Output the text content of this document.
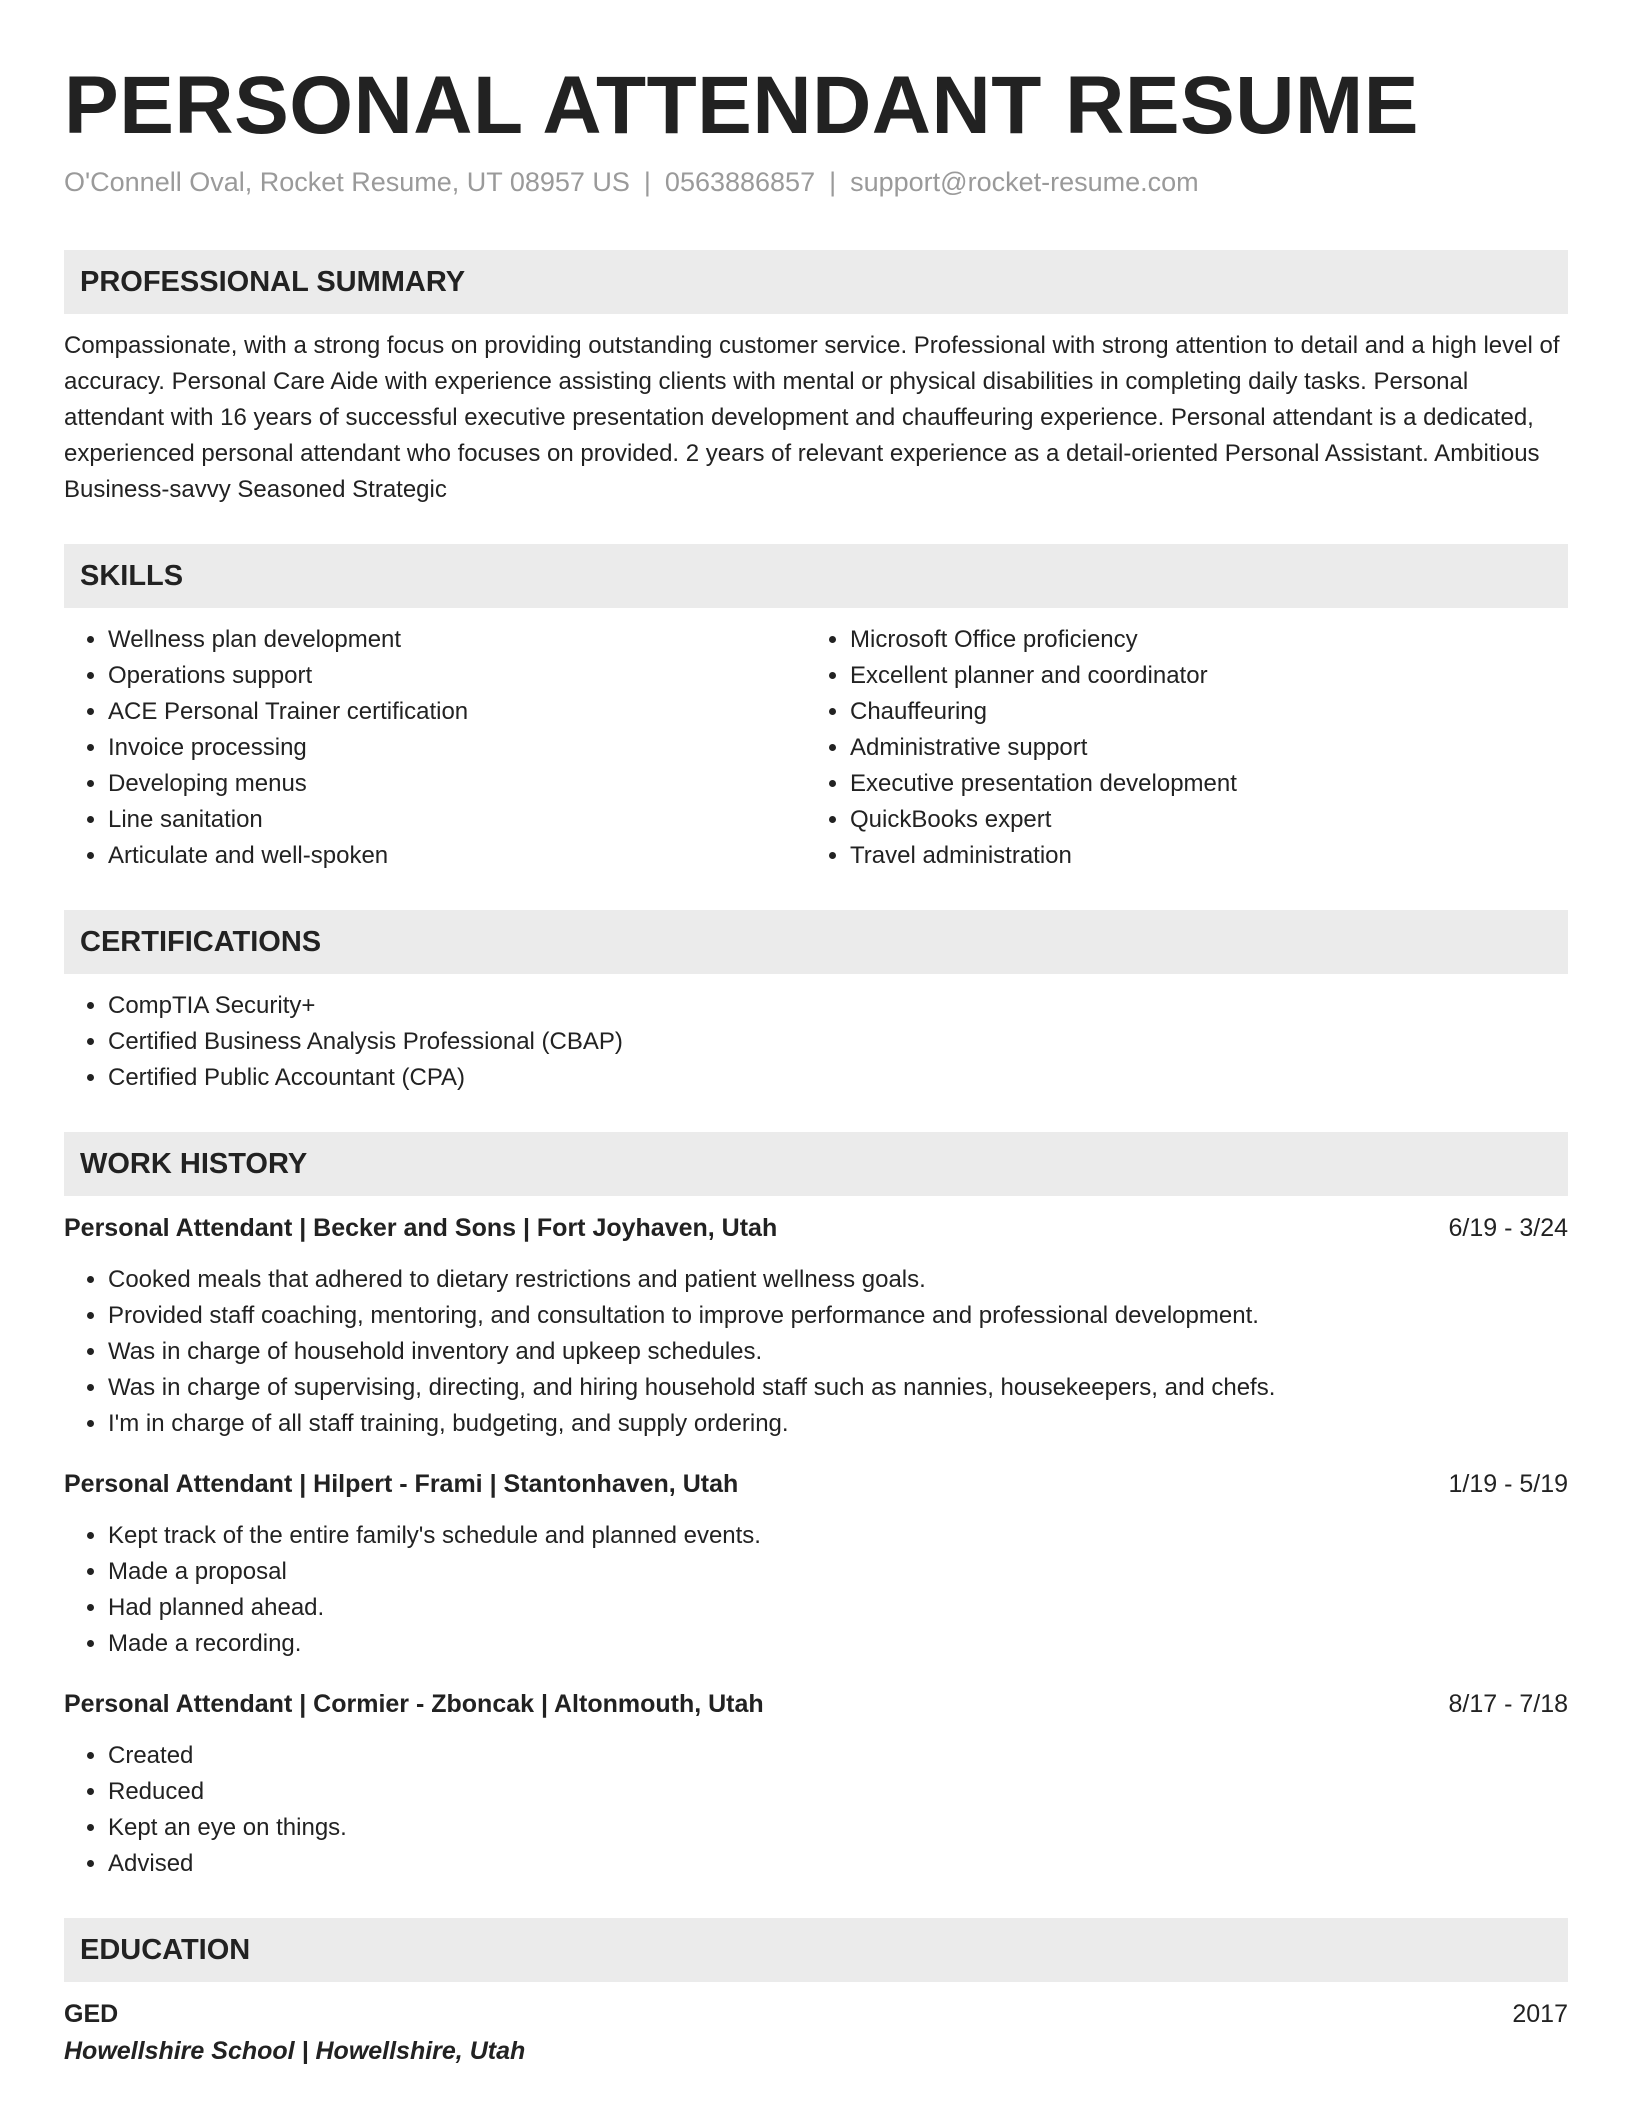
PERSONAL ATTENDANT RESUME
O'Connell Oval, Rocket Resume, UT 08957 US | 0563886857 | support@rocket-resume.com
PROFESSIONAL SUMMARY

Compassionate, with a strong focus on providing outstanding customer service. Professional with strong attention to detail and a high level of accuracy. Personal Care Aide with experience assisting clients with mental or physical disabilities in completing daily tasks. Personal attendant with 16 years of successful executive presentation development and chauffeuring experience. Personal attendant is a dedicated, experienced personal attendant who focuses on provided. 2 years of relevant experience as a detail-oriented Personal Assistant. Ambitious Business-savvy Seasoned Strategic

SKILLS
• Wellness plan development
• Operations support
• ACE Personal Trainer certification
• Invoice processing
• Developing menus
• Line sanitation
• Articulate and well-spoken
• Microsoft Office proficiency
• Excellent planner and coordinator
• Chauffeuring
• Administrative support
• Executive presentation development
• QuickBooks expert
• Travel administration
CERTIFICATIONS
• CompTIA Security+
• Certified Business Analysis Professional (CBAP)
• Certified Public Accountant (CPA)
WORK HISTORY
Personal Attendant | Becker and Sons | Fort Joyhaven, Utah	6/19 - 3/24
• Cooked meals that adhered to dietary restrictions and patient wellness goals.
• Provided staff coaching, mentoring, and consultation to improve performance and professional development.
• Was in charge of household inventory and upkeep schedules.
• Was in charge of supervising, directing, and hiring household staff such as nannies, housekeepers, and chefs.
• I'm in charge of all staff training, budgeting, and supply ordering.
Personal Attendant | Hilpert - Frami | Stantonhaven, Utah	1/19 - 5/19
• Kept track of the entire family's schedule and planned events.
• Made a proposal
• Had planned ahead.
• Made a recording.
Personal Attendant | Cormier - Zboncak | Altonmouth, Utah	8/17 - 7/18
• Created
• Reduced
• Kept an eye on things.
• Advised
EDUCATION
GED	2017
Howellshire School | Howellshire, Utah
